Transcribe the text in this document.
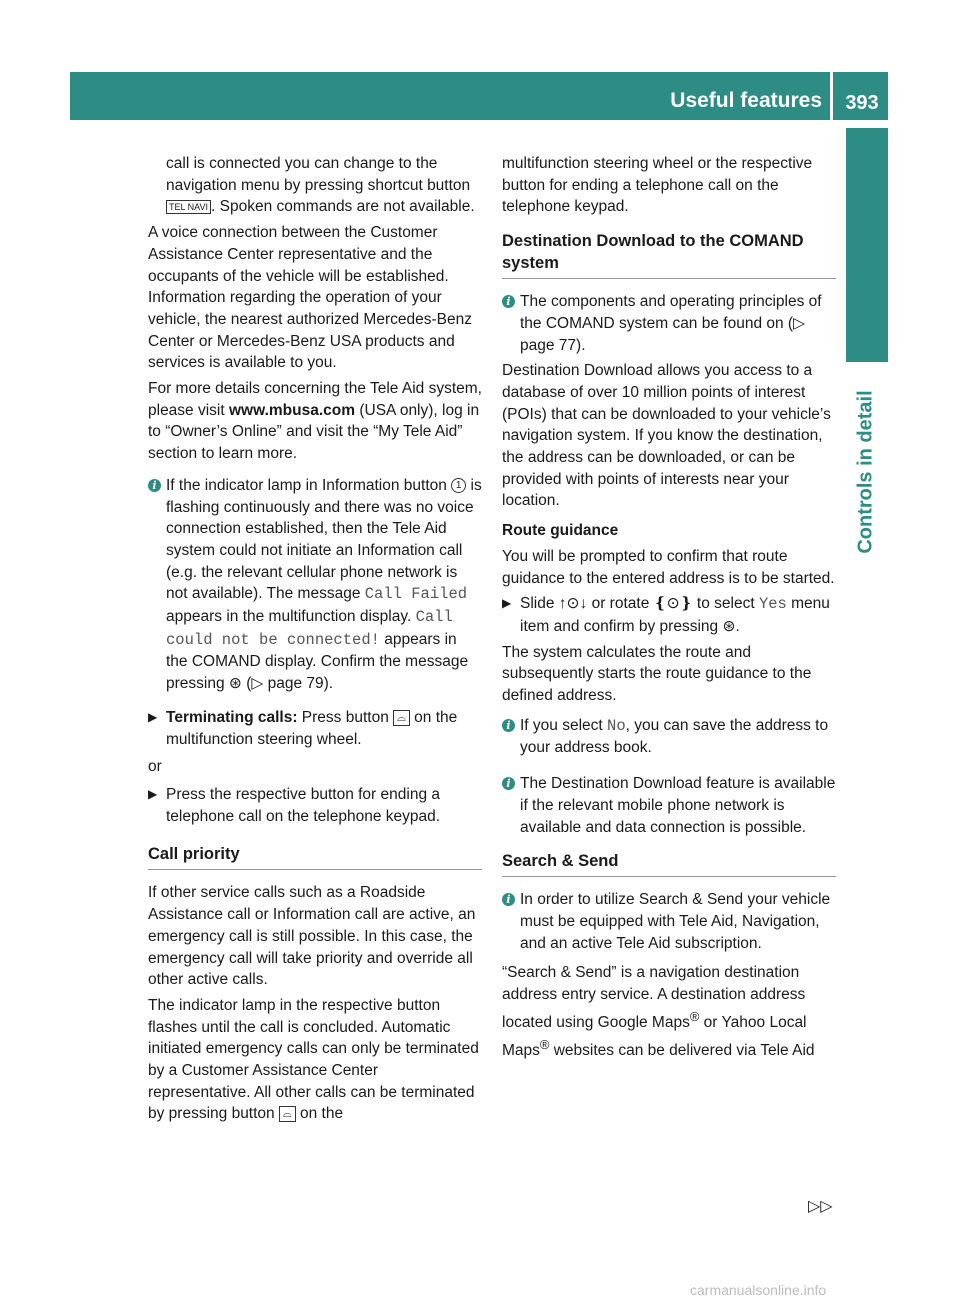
Useful features	393
Controls in detail

call is connected you can change to the navigation menu by pressing shortcut button TEL NAVI . Spoken commands are not available.

A voice connection between the Customer Assistance Center representative and the occupants of the vehicle will be established. Information regarding the operation of your vehicle, the nearest authorized Mercedes-Benz Center or Mercedes-Benz USA products and services is available to you.

For more details concerning the Tele Aid system, please visit www.mbusa.com (USA only), log in to “Owner’s Online” and visit the “My Tele Aid” section to learn more.

i If the indicator lamp in Information button 1 is flashing continuously and there was no voice connection established, then the Tele Aid system could not initiate an Information call (e.g. the relevant cellular phone network is not available). The message Call Failed appears in the multifunction display. Call could not be connected! appears in the COMAND display. Confirm the message pressing ⊛ (▷ page 79).
▶ Terminating calls: Press button ⌓ on the multifunction steering wheel.

or

▶ Press the respective button for ending a telephone call on the telephone keypad.
Call priority

If other service calls such as a Roadside Assistance call or Information call are active, an emergency call is still possible. In this case, the emergency call will take priority and override all other active calls.

The indicator lamp in the respective button flashes until the call is concluded. Automatic initiated emergency calls can only be terminated by a Customer Assistance Center representative. All other calls can be terminated by pressing button ⌓ on the

multifunction steering wheel or the respective button for ending a telephone call on the telephone keypad.

Destination Download to the COMAND system
i The components and operating principles of the COMAND system can be found on (▷ page 77).

Destination Download allows you access to a database of over 10 million points of interest (POIs) that can be downloaded to your vehicle’s navigation system. If you know the destination, the address can be downloaded, or can be provided with points of interests near your location.

Route guidance

You will be prompted to confirm that route guidance to the entered address is to be started.

▶ Slide ↑⊙↓ or rotate ❴⊙❵ to select Yes menu item and confirm by pressing ⊛.

The system calculates the route and subsequently starts the route guidance to the defined address.

i If you select No, you can save the address to your address book.
i The Destination Download feature is available if the relevant mobile phone network is available and data connection is possible.
Search & Send
i In order to utilize Search & Send your vehicle must be equipped with Tele Aid, Navigation, and an active Tele Aid subscription.

“Search & Send” is a navigation destination address entry service. A destination address located using Google Maps® or Yahoo Local Maps® websites can be delivered via Tele Aid

▷▷
carmanualsonline.info
